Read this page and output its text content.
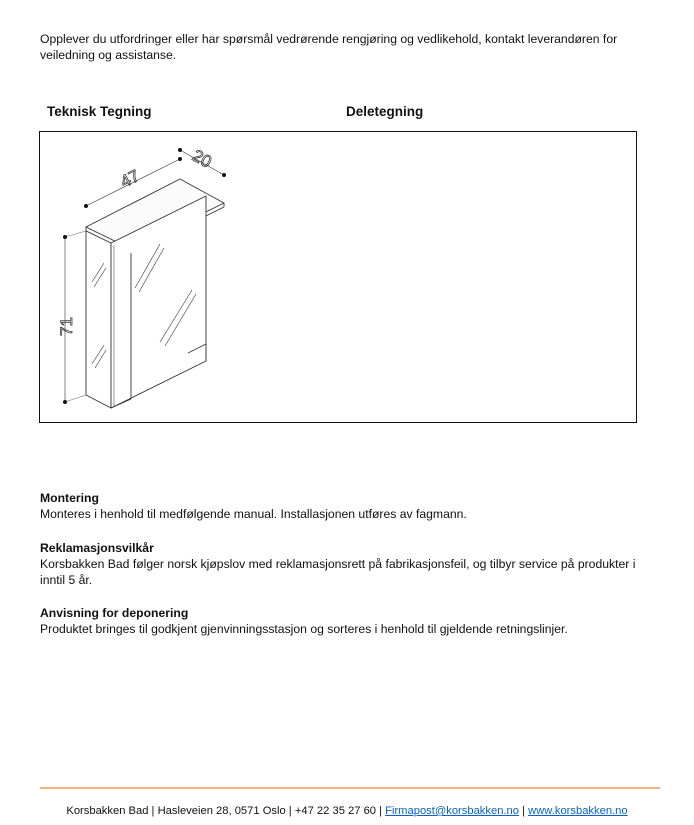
Opplever du utfordringer eller har spørsmål vedrørende rengjøring og vedlikehold, kontakt leverandøren for veiledning og assistanse.
Teknisk Tegning	Deletegning
47
20
71
Montering
Monteres i henhold til medfølgende manual. Installasjonen utføres av fagmann.
Reklamasjonsvilkår
Korsbakken Bad følger norsk kjøpslov med reklamasjonsrett på fabrikasjonsfeil, og tilbyr service på produkter i inntil 5 år.
Anvisning for deponering
Produktet bringes til godkjent gjenvinningsstasjon og sorteres i henhold til gjeldende retningslinjer.
Korsbakken Bad | Hasleveien 28, 0571 Oslo | +47 22 35 27 60 | Firmapost@korsbakken.no | www.korsbakken.no
